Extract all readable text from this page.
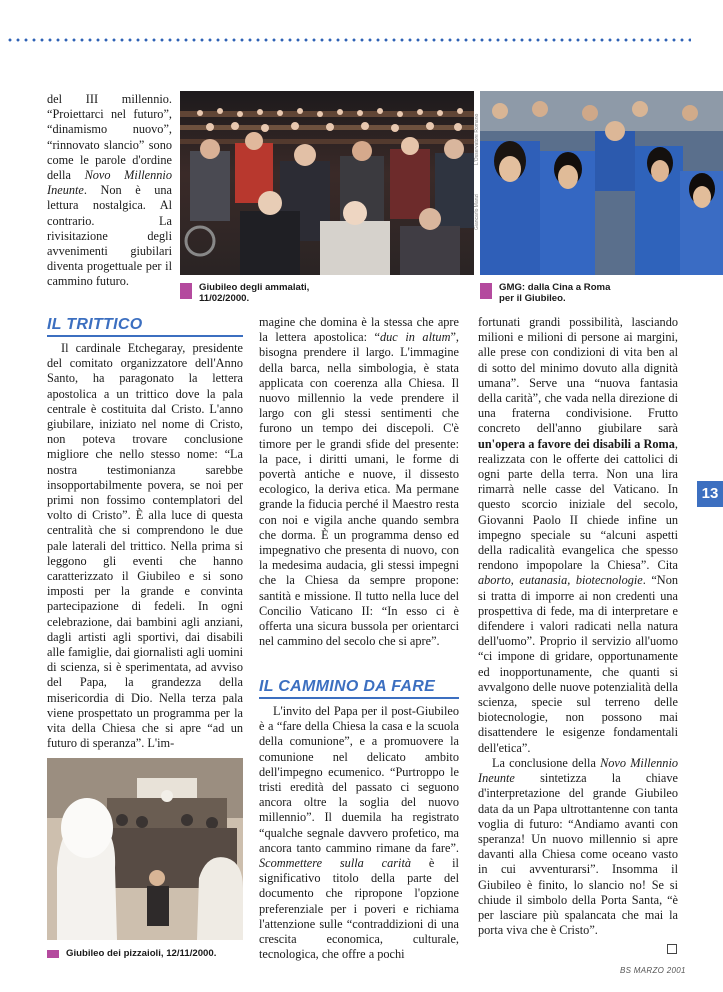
del III millennio. “Proiettarci nel futuro”, “dinamismo nuovo”, “rinnovato slancio” sono come le parole d'ordine della Novo Millennio Ineunte. Non è una lettura nostalgica. Al contrario. La rivisitazione degli avvenimenti giubilari diventa progettuale per il cammino futuro.

L'Osservatore Romano
Giancarlo Manzi
Giubileo degli ammalati, 11/02/2000.
GMG: dalla Cina a Roma per il Giubileo.
IL TRITTICO

Il cardinale Etchegaray, presidente del comitato organizzatore dell'Anno Santo, ha paragonato la lettera apostolica a un trittico dove la pala centrale è costituita dal Cristo. L'anno giubilare, iniziato nel nome di Cristo, non poteva trovare conclusione migliore che nello stesso nome: “La nostra testimonianza sarebbe insopportabilmente povera, se noi per primi non fossimo contemplatori del volto di Cristo”. È alla luce di questa centralità che si comprendono le due pale laterali del trittico. Nella prima si leggono gli eventi che hanno caratterizzato il Giubileo e si sono imposti per la grande e convinta partecipazione di fedeli. In ogni celebrazione, dai bambini agli anziani, dagli artisti agli sportivi, dai disabili alle famiglie, dai giornalisti agli uomini di scienza, si è sperimentata, ad avviso del Papa, la grandezza della misericordia di Dio. Nella terza pala viene prospettato un programma per la vita della Chiesa che si apre “ad un futuro di speranza”. L'im-

Giubileo dei pizzaioli, 12/11/2000.

magine che domina è la stessa che apre la lettera apostolica: “duc in altum”, bisogna prendere il largo. L'immagine della barca, nella simbologia, è stata applicata con coerenza alla Chiesa. Il nuovo millennio la vede prendere il largo con gli stessi sentimenti che furono un tempo dei discepoli. C'è timore per le grandi sfide del presente: la pace, i diritti umani, le forme di povertà antiche e nuove, il dissesto ecologico, la deriva etica. Ma permane grande la fiducia perché il Maestro resta con noi e vigila anche quando sembra che dorma. È un programma denso ed impegnativo che presenta di nuovo, con la medesima audacia, gli stessi impegni che la Chiesa da sempre propone: santità e missione. Il tutto nella luce del Concilio Vaticano II: “In esso ci è offerta una sicura bussola per orientarci nel cammino del secolo che si apre”.

IL CAMMINO DA FARE

L'invito del Papa per il post-Giubileo è a “fare della Chiesa la casa e la scuola della comunione”, e a promuovere la comunione nel delicato ambito dell'impegno ecumenico. “Purtroppo le tristi eredità del passato ci seguono ancora oltre la soglia del nuovo millennio”. Il duemila ha registrato “qualche segnale davvero profetico, ma ancora tanto cammino rimane da fare”. Scommettere sulla carità è il significativo titolo della parte del documento che ripropone l'opzione preferenziale per i poveri e richiama l'attenzione sulle “contraddizioni di una crescita economica, culturale, tecnologica, che offre a pochi

fortunati grandi possibilità, lasciando milioni e milioni di persone ai margini, alle prese con condizioni di vita ben al di sotto del minimo dovuto alla dignità umana”. Serve una “nuova fantasia della carità”, che vada nella direzione di una fraterna condivisione. Frutto concreto dell'anno giubilare sarà un'opera a favore dei disabili a Roma, realizzata con le offerte dei cattolici di ogni parte della terra. Non una lira rimarrà nelle casse del Vaticano. In questo scorcio iniziale del secolo, Giovanni Paolo II chiede infine un impegno speciale su “alcuni aspetti della radicalità evangelica che spesso rendono impopolare la Chiesa”. Cita aborto, eutanasia, biotecnologie. “Non si tratta di imporre ai non credenti una prospettiva di fede, ma di interpretare e difendere i valori radicati nella natura dell'uomo”. Proprio il servizio all'uomo “ci impone di gridare, opportunamente ed inopportunamente, che quanti si avvalgono delle nuove potenzialità della scienza, specie sul terreno delle biotecnologie, non possono mai disattendere le esigenze fondamentali dell'etica”.

La conclusione della Novo Millennio Ineunte sintetizza la chiave d'interpretazione del grande Giubileo data da un Papa ultrottantenne con tanta voglia di futuro: “Andiamo avanti con speranza! Un nuovo millennio si apre davanti alla Chiesa come oceano vasto in cui avventurarsi”. Insomma il Giubileo è finito, lo slancio no! Se si chiude il simbolo della Porta Santa, “è per lasciare più spalancata che mai la porta viva che è Cristo”.

13
BS MARZO 2001
